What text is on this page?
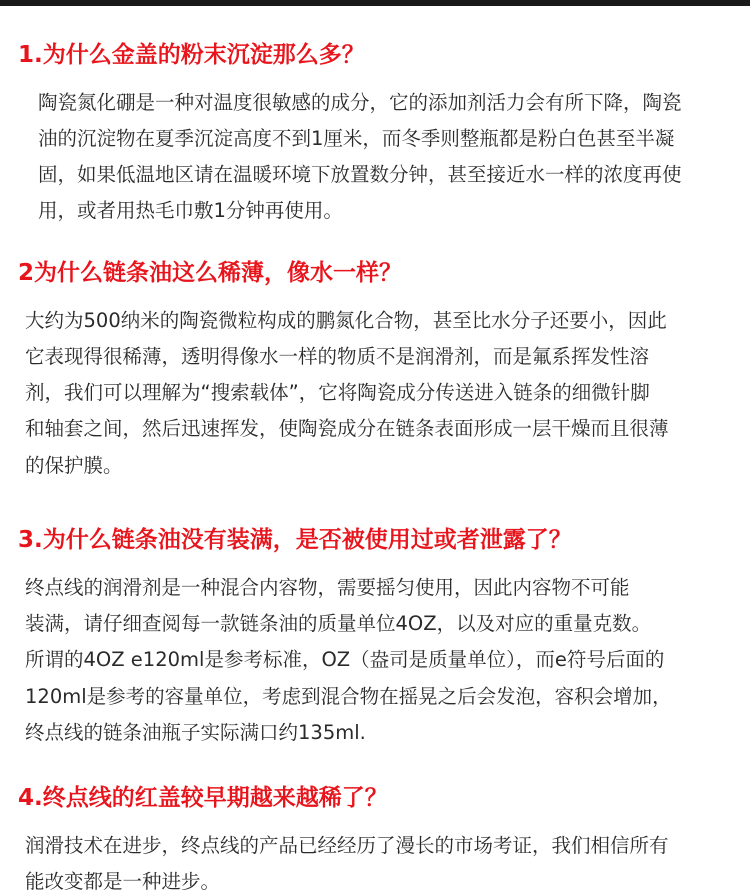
1.为什么金盖的粉末沉淀那么多？

陶瓷氮化硼是一种对温度很敏感的成分，它的添加剂活力会有所下降，陶瓷

油的沉淀物在夏季沉淀高度不到1厘米，而冬季则整瓶都是粉白色甚至半凝

固，如果低温地区请在温暖环境下放置数分钟，甚至接近水一样的浓度再使

用，或者用热毛巾敷1分钟再使用。

2为什么链条油这么稀薄，像水一样？

大约为500纳米的陶瓷微粒构成的鹏氮化合物，甚至比水分子还要小，因此

它表现得很稀薄，透明得像水一样的物质不是润滑剂，而是氟系挥发性溶

剂，我们可以理解为“搜索载体”，它将陶瓷成分传送进入链条的细微针脚

和轴套之间，然后迅速挥发，使陶瓷成分在链条表面形成一层干燥而且很薄

的保护膜。

3.为什么链条油没有装满，是否被使用过或者泄露了？

终点线的润滑剂是一种混合内容物，需要摇匀使用，因此内容物不可能

装满，请仔细查阅每一款链条油的质量单位4OZ，以及对应的重量克数。

所谓的4OZ e120ml是参考标准，OZ（盎司是质量单位），而e符号后面的

120ml是参考的容量单位，考虑到混合物在摇晃之后会发泡，容积会增加，

终点线的链条油瓶子实际满口约135ml.

4.终点线的红盖较早期越来越稀了？

润滑技术在进步，终点线的产品已经经历了漫长的市场考证，我们相信所有

能改变都是一种进步。
